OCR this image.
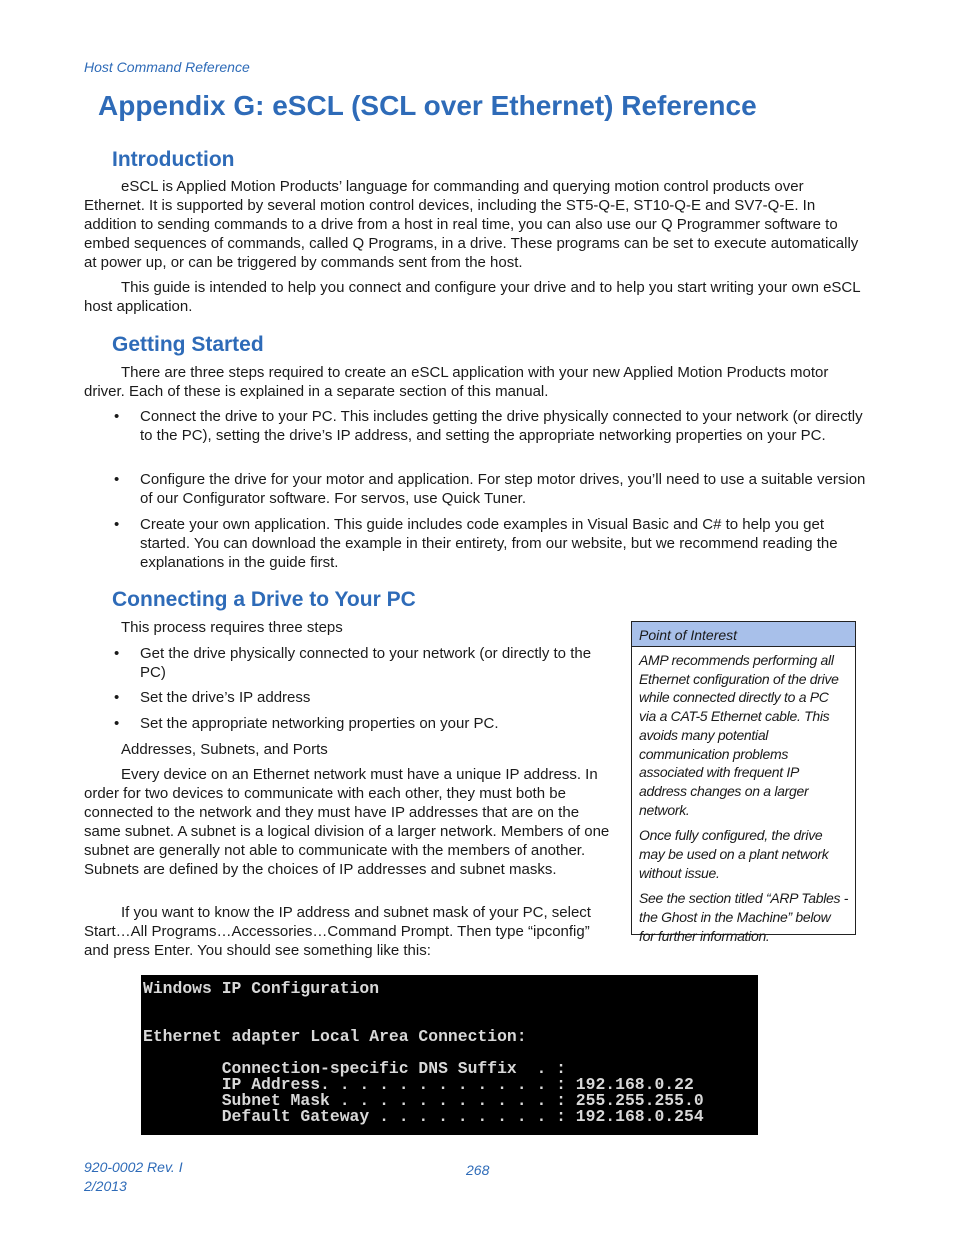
Host Command Reference
Appendix G: eSCL (SCL over Ethernet) Reference
Introduction

eSCL is Applied Motion Products’ language for commanding and querying motion control products over Ethernet. It is supported by several motion control devices, including the ST5-Q-E, ST10-Q-E and SV7-Q-E. In addition to sending commands to a drive from a host in real time, you can also use our Q Programmer software to embed sequences of commands, called Q Programs, in a drive. These programs can be set to execute automatically at power up, or can be triggered by commands sent from the host.

This guide is intended to help you connect and configure your drive and to help you start writing your own eSCL host application.

Getting Started

There are three steps required to create an eSCL application with your new Applied Motion Products motor driver. Each of these is explained in a separate section of this manual.

•	Connect the drive to your PC. This includes getting the drive physically connected to your network (or directly to the PC), setting the drive’s IP address, and setting the appropriate networking properties on your PC.
•	Configure the drive for your motor and application. For step motor drives, you’ll need to use a suitable version of our Configurator software. For servos, use Quick Tuner.
•	Create your own application. This guide includes code examples in Visual Basic and C# to help you get started. You can download the example in their entirety, from our website, but we recommend reading the explanations in the guide first.
Connecting a Drive to Your PC

This process requires three steps

•	Get the drive physically connected to your network (or directly to the PC)
•	Set the drive’s IP address
•	Set the appropriate networking properties on your PC.

Addresses, Subnets, and Ports

Every device on an Ethernet network must have a unique IP address. In order for two devices to communicate with each other, they must both be connected to the network and they must have IP addresses that are on the same subnet. A subnet is a logical division of a larger network. Members of one subnet are generally not able to communicate with the members of another. Subnets are defined by the choices of IP addresses and subnet masks.

If you want to know the IP address and subnet mask of your PC, select Start…All Programs…Accessories…Command Prompt. Then type “ipconfig” and press Enter. You should see something like this:

Point of Interest

AMP recommends performing all Ethernet configuration of the drive while connected directly to a PC via a CAT-5 Ethernet cable. This avoids many potential communication problems associated with frequent IP address changes on a larger network.

Once fully configured, the drive may be used on a plant network without issue.

See the section titled “ARP Tables - the Ghost in the Machine” below for further information.

Windows IP Configuration

Ethernet adapter Local Area Connection:

Connection-specific DNS Suffix  . :
IP Address. . . . . . . . . . . . : 192.168.0.22
Subnet Mask . . . . . . . . . . . : 255.255.255.0
Default Gateway . . . . . . . . . : 192.168.0.254
920-0002 Rev. I
2/2013
268
